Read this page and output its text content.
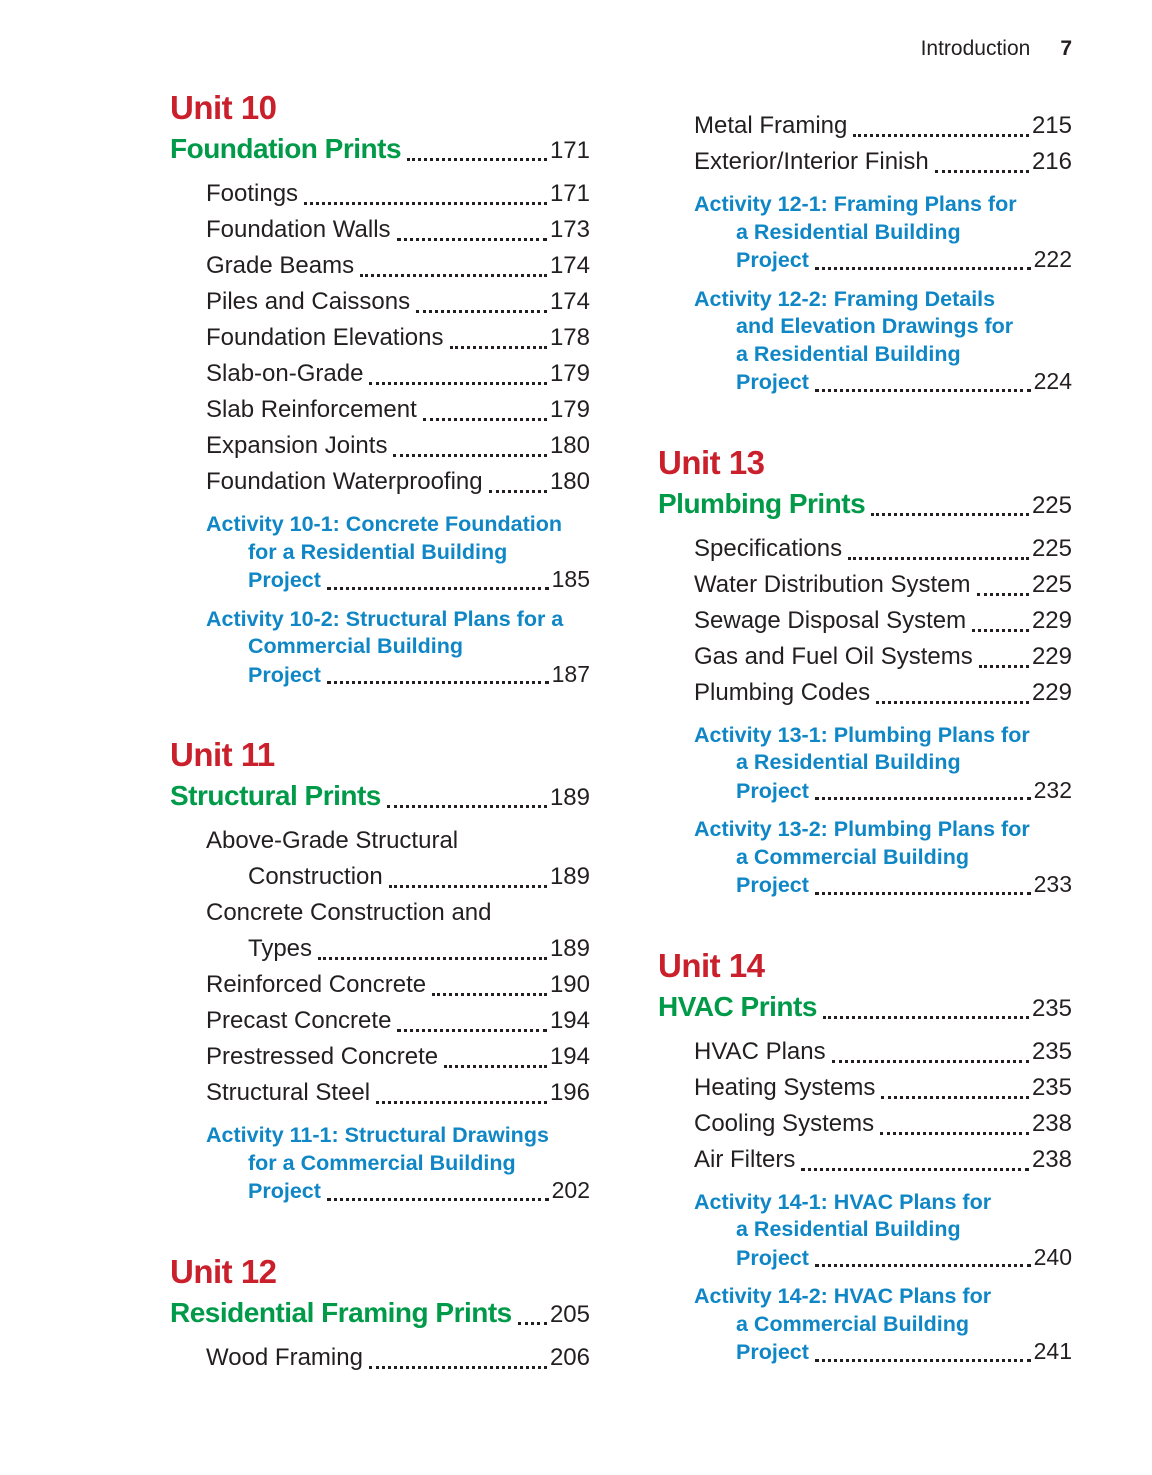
Introduction 7
Unit 10
Foundation Prints	171
Footings	171
Foundation Walls	173
Grade Beams	174
Piles and Caissons	174
Foundation Elevations	178
Slab-on-Grade	179
Slab Reinforcement	179
Expansion Joints	180
Foundation Waterproofing	180
Activity 10-1: Concrete Foundation
for a Residential Building
Project	185
Activity 10-2: Structural Plans for a
Commercial Building
Project	187
Unit 11
Structural Prints	189
Above-Grade Structural
Construction	189
Concrete Construction and
Types	189
Reinforced Concrete	190
Precast Concrete	194
Prestressed Concrete	194
Structural Steel	196
Activity 11-1: Structural Drawings
for a Commercial Building
Project	202
Unit 12
Residential Framing Prints 205
Wood Framing	206
Metal Framing	215
Exterior/Interior Finish	216
Activity 12-1: Framing Plans for
a Residential Building
Project	222
Activity 12-2: Framing Details
and Elevation Drawings for
a Residential Building
Project	224
Unit 13
Plumbing Prints	225
Specifications	225
Water Distribution System	225
Sewage Disposal System	229
Gas and Fuel Oil Systems 229
Plumbing Codes	229
Activity 13-1: Plumbing Plans for
a Residential Building
Project	232
Activity 13-2: Plumbing Plans for
a Commercial Building
Project	233
Unit 14
HVAC Prints	235
HVAC Plans	235
Heating Systems	235
Cooling Systems	238
Air Filters	238
Activity 14-1: HVAC Plans for
a Residential Building
Project	240
Activity 14-2: HVAC Plans for
a Commercial Building
Project	241
